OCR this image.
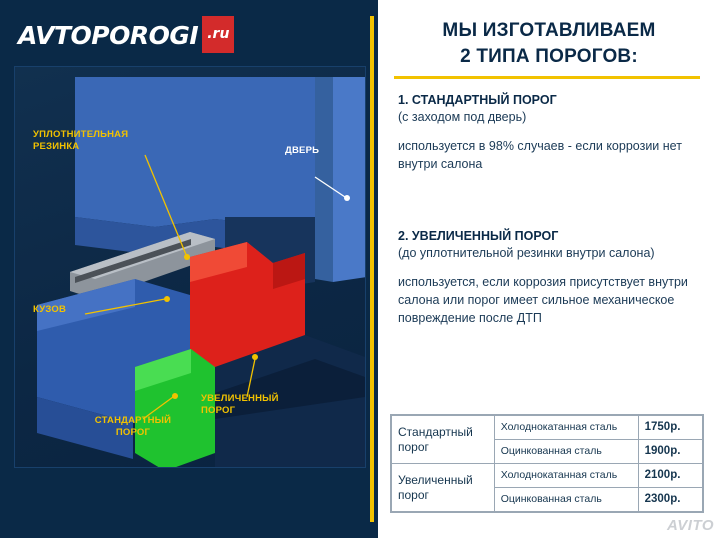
AVTOPOROGI .ru
УПЛОТНИТЕЛЬНАЯ
РЕЗИНКА	ДВЕРЬ
КУЗОВ
СТАНДАРТНЫЙ
ПОРОГ
УВЕЛИЧЕННЫЙ
ПОРОГ
МЫ ИЗГОТАВЛИВАЕМ
2 ТИПА ПОРОГОВ:
1. СТАНДАРТНЫЙ ПОРОГ
(с заходом под дверь)
используется в 98% случаев - если коррозии нет внутри салона
2. УВЕЛИЧЕННЫЙ ПОРОГ
(до уплотнительной резинки внутри салона)
используется, если коррозия присутствует внутри салона или порог имеет сильное механическое повреждение после ДТП
Стандартный порог	Холоднокатанная сталь	1750р.
	Оцинкованная сталь	1900р.
Увеличенный порог	Холоднокатанная сталь	2100р.
	Оцинкованная сталь	2300р.
AVITO
